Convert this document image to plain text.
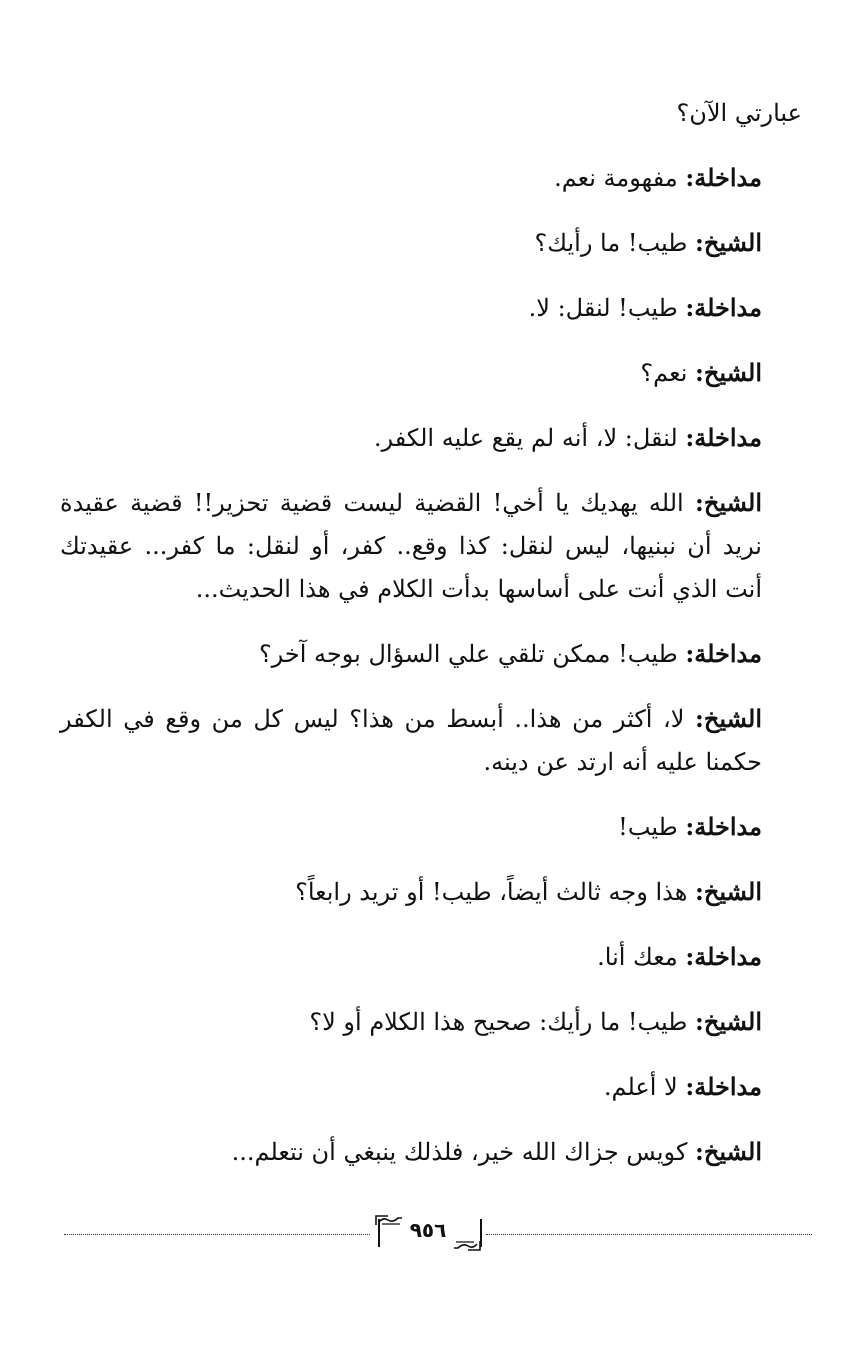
عبارتي الآن؟

مداخلة: مفهومة نعم.

الشيخ: طيب! ما رأيك؟

مداخلة: طيب! لنقل: لا.

الشيخ: نعم؟

مداخلة: لنقل: لا، أنه لم يقع عليه الكفر.

الشيخ: الله يهديك يا أخي! القضية ليست قضية تحزير!! قضية عقيدة نريد أن نبنيها، ليس لنقل: كذا وقع.. كفر، أو لنقل: ما كفر... عقيدتك أنت الذي أنت على أساسها بدأت الكلام في هذا الحديث...

مداخلة: طيب! ممكن تلقي علي السؤال بوجه آخر؟

الشيخ: لا، أكثر من هذا.. أبسط من هذا؟ ليس كل من وقع في الكفر حكمنا عليه أنه ارتد عن دينه.

مداخلة: طيب!

الشيخ: هذا وجه ثالث أيضاً، طيب! أو تريد رابعاً؟

مداخلة: معك أنا.

الشيخ: طيب! ما رأيك: صحيح هذا الكلام أو لا؟

مداخلة: لا أعلم.

الشيخ: كويس جزاك الله خير، فلذلك ينبغي أن نتعلم...

٩٥٦
